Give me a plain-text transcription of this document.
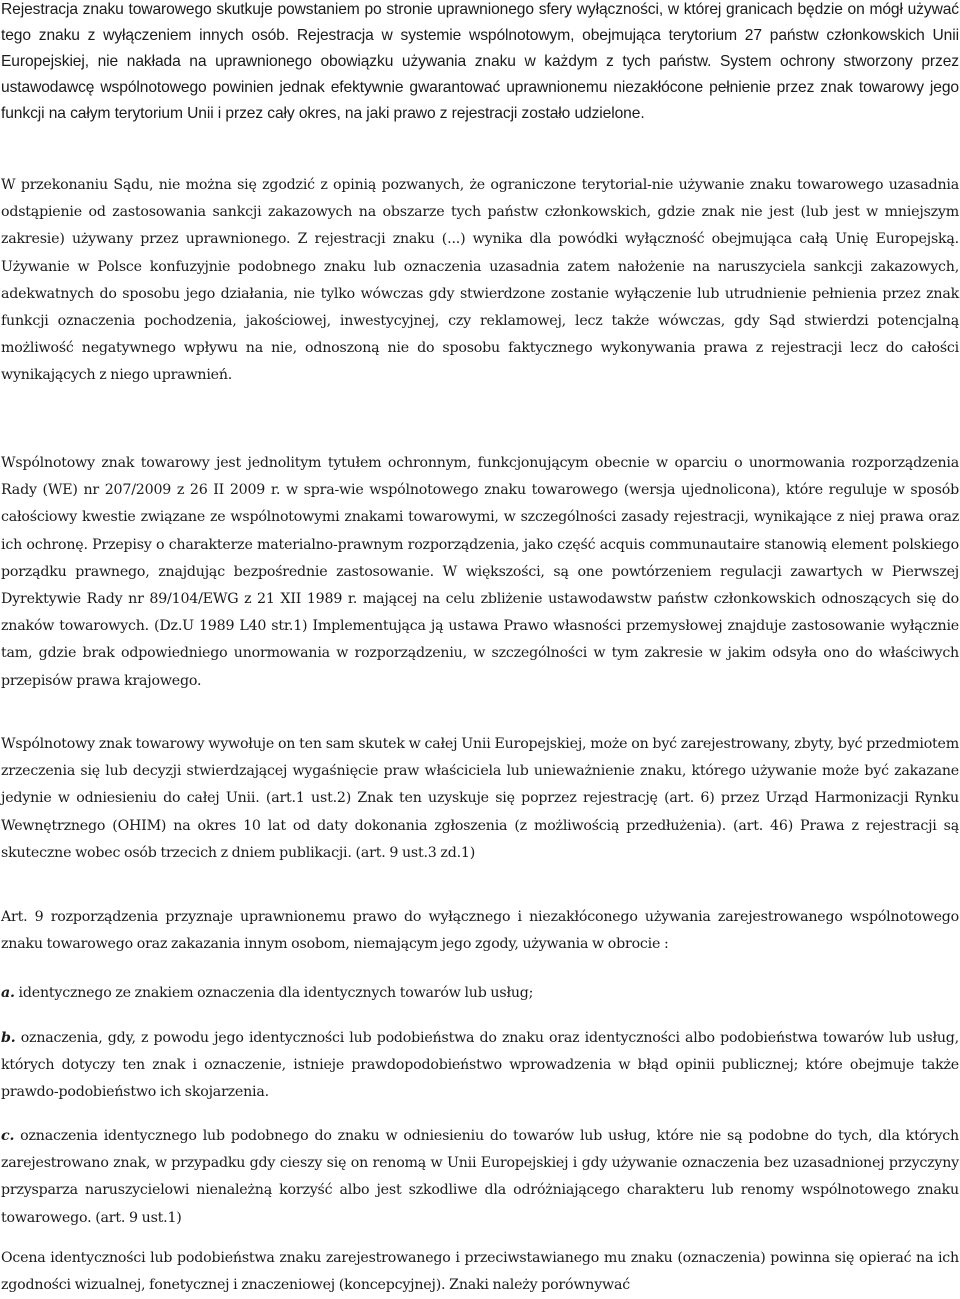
Rejestracja znaku towarowego skutkuje powstaniem po stronie uprawnionego sfery wyłączności, w której granicach będzie on mógł używać tego znaku z wyłączeniem innych osób. Rejestracja w systemie wspólnotowym, obejmująca terytorium 27 państw członkowskich Unii Europejskiej, nie nakłada na uprawnionego obowiązku używania znaku w każdym z tych państw. System ochrony stworzony przez ustawodawcę wspólnotowego powinien jednak efektywnie gwarantować uprawnionemu niezakłócone pełnienie przez znak towarowy jego funkcji na całym terytorium Unii i przez cały okres, na jaki prawo z rejestracji zostało udzielone.

W przekonaniu Sądu, nie można się zgodzić z opinią pozwanych, że ograniczone terytorial-nie używanie znaku towarowego uzasadnia odstąpienie od zastosowania sankcji zakazowych na obszarze tych państw członkowskich, gdzie znak nie jest (lub jest w mniejszym zakresie) używany przez uprawnionego. Z rejestracji znaku (...) wynika dla powódki wyłączność obejmująca całą Unię Europejską. Używanie w Polsce konfuzyjnie podobnego znaku lub oznaczenia uzasadnia zatem nałożenie na naruszyciela sankcji zakazowych, adekwatnych do sposobu jego działania, nie tylko wówczas gdy stwierdzone zostanie wyłączenie lub utrudnienie pełnienia przez znak funkcji oznaczenia pochodzenia, jakościowej, inwestycyjnej, czy reklamowej, lecz także wówczas, gdy Sąd stwierdzi potencjalną możliwość negatywnego wpływu na nie, odnoszoną nie do sposobu faktycznego wykonywania prawa z rejestracji lecz do całości wynikających z niego uprawnień.

Wspólnotowy znak towarowy jest jednolitym tytułem ochronnym, funkcjonującym obecnie w oparciu o unormowania rozporządzenia Rady (WE) nr 207/2009 z 26 II 2009 r. w spra-wie wspólnotowego znaku towarowego (wersja ujednolicona), które reguluje w sposób całościowy kwestie związane ze wspólnotowymi znakami towarowymi, w szczególności zasady rejestracji, wynikające z niej prawa oraz ich ochronę. Przepisy o charakterze materialno-prawnym rozporządzenia, jako część acquis communautaire stanowią element polskiego porządku prawnego, znajdując bezpośrednie zastosowanie. W większości, są one powtórzeniem regulacji zawartych w Pierwszej Dyrektywie Rady nr 89/104/EWG z 21 XII 1989 r. mającej na celu zbliżenie ustawodawstw państw członkowskich odnoszących się do znaków towarowych. (Dz.U 1989 L40 str.1) Implementująca ją ustawa Prawo własności przemysłowej znajduje zastosowanie wyłącznie tam, gdzie brak odpowiedniego unormowania w rozporządzeniu, w szczególności w tym zakresie w jakim odsyła ono do właściwych przepisów prawa krajowego.

Wspólnotowy znak towarowy wywołuje on ten sam skutek w całej Unii Europejskiej, może on być zarejestrowany, zbyty, być przedmiotem zrzeczenia się lub decyzji stwierdzającej wygaśnięcie praw właściciela lub unieważnienie znaku, którego używanie może być zakazane jedynie w odniesieniu do całej Unii. (art.1 ust.2) Znak ten uzyskuje się poprzez rejestrację (art. 6) przez Urząd Harmonizacji Rynku Wewnętrznego (OHIM) na okres 10 lat od daty dokonania zgłoszenia (z możliwością przedłużenia). (art. 46) Prawa z rejestracji są skuteczne wobec osób trzecich z dniem publikacji. (art. 9 ust.3 zd.1)

Art. 9 rozporządzenia przyznaje uprawnionemu prawo do wyłącznego i niezakłóconego używania zarejestrowanego wspólnotowego znaku towarowego oraz zakazania innym osobom, niemającym jego zgody, używania w obrocie :

a. identycznego ze znakiem oznaczenia dla identycznych towarów lub usług;

b. oznaczenia, gdy, z powodu jego identyczności lub podobieństwa do znaku oraz identyczności albo podobieństwa towarów lub usług, których dotyczy ten znak i oznaczenie, istnieje prawdopodobieństwo wprowadzenia w błąd opinii publicznej; które obejmuje także prawdo-podobieństwo ich skojarzenia.

c. oznaczenia identycznego lub podobnego do znaku w odniesieniu do towarów lub usług, które nie są podobne do tych, dla których zarejestrowano znak, w przypadku gdy cieszy się on renomą w Unii Europejskiej i gdy używanie oznaczenia bez uzasadnionej przyczyny przysparza naruszycielowi nienależną korzyść albo jest szkodliwe dla odróżniającego charakteru lub renomy wspólnotowego znaku towarowego. (art. 9 ust.1)

Ocena identyczności lub podobieństwa znaku zarejestrowanego i przeciwstawianego mu znaku (oznaczenia) powinna się opierać na ich zgodności wizualnej, fonetycznej i znaczeniowej (koncepcyjnej). Znaki należy porównywać
